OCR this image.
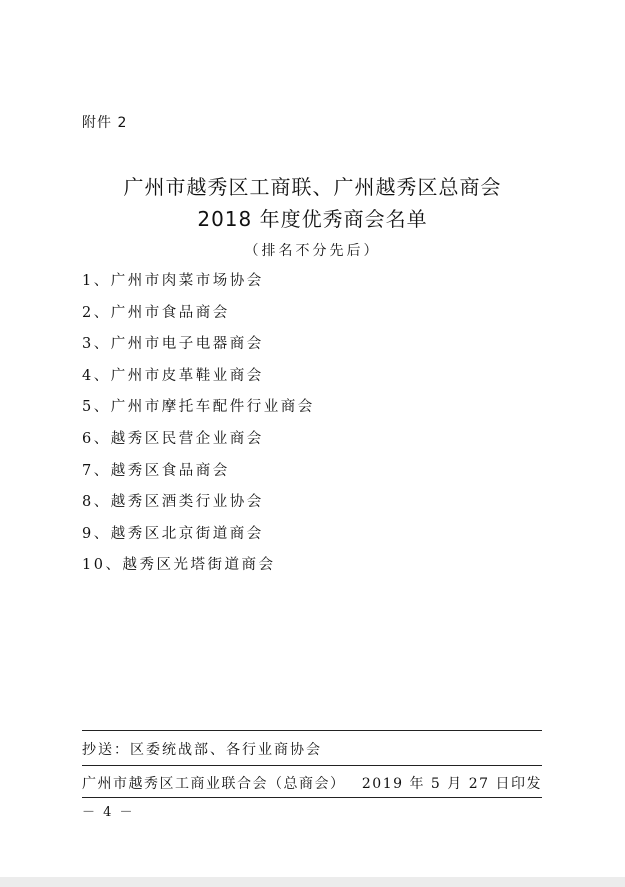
附件 2
广州市越秀区工商联、广州越秀区总商会
2018 年度优秀商会名单
（排名不分先后）
1、广州市肉菜市场协会
2、广州市食品商会
3、广州市电子电器商会
4、广州市皮革鞋业商会
5、广州市摩托车配件行业商会
6、越秀区民营企业商会
7、越秀区食品商会
8、越秀区酒类行业协会
9、越秀区北京街道商会
10、越秀区光塔街道商会
抄送：区委统战部、各行业商协会
广州市越秀区工商业联合会（总商会） 2019 年 5 月 27 日印发
－ 4 －
